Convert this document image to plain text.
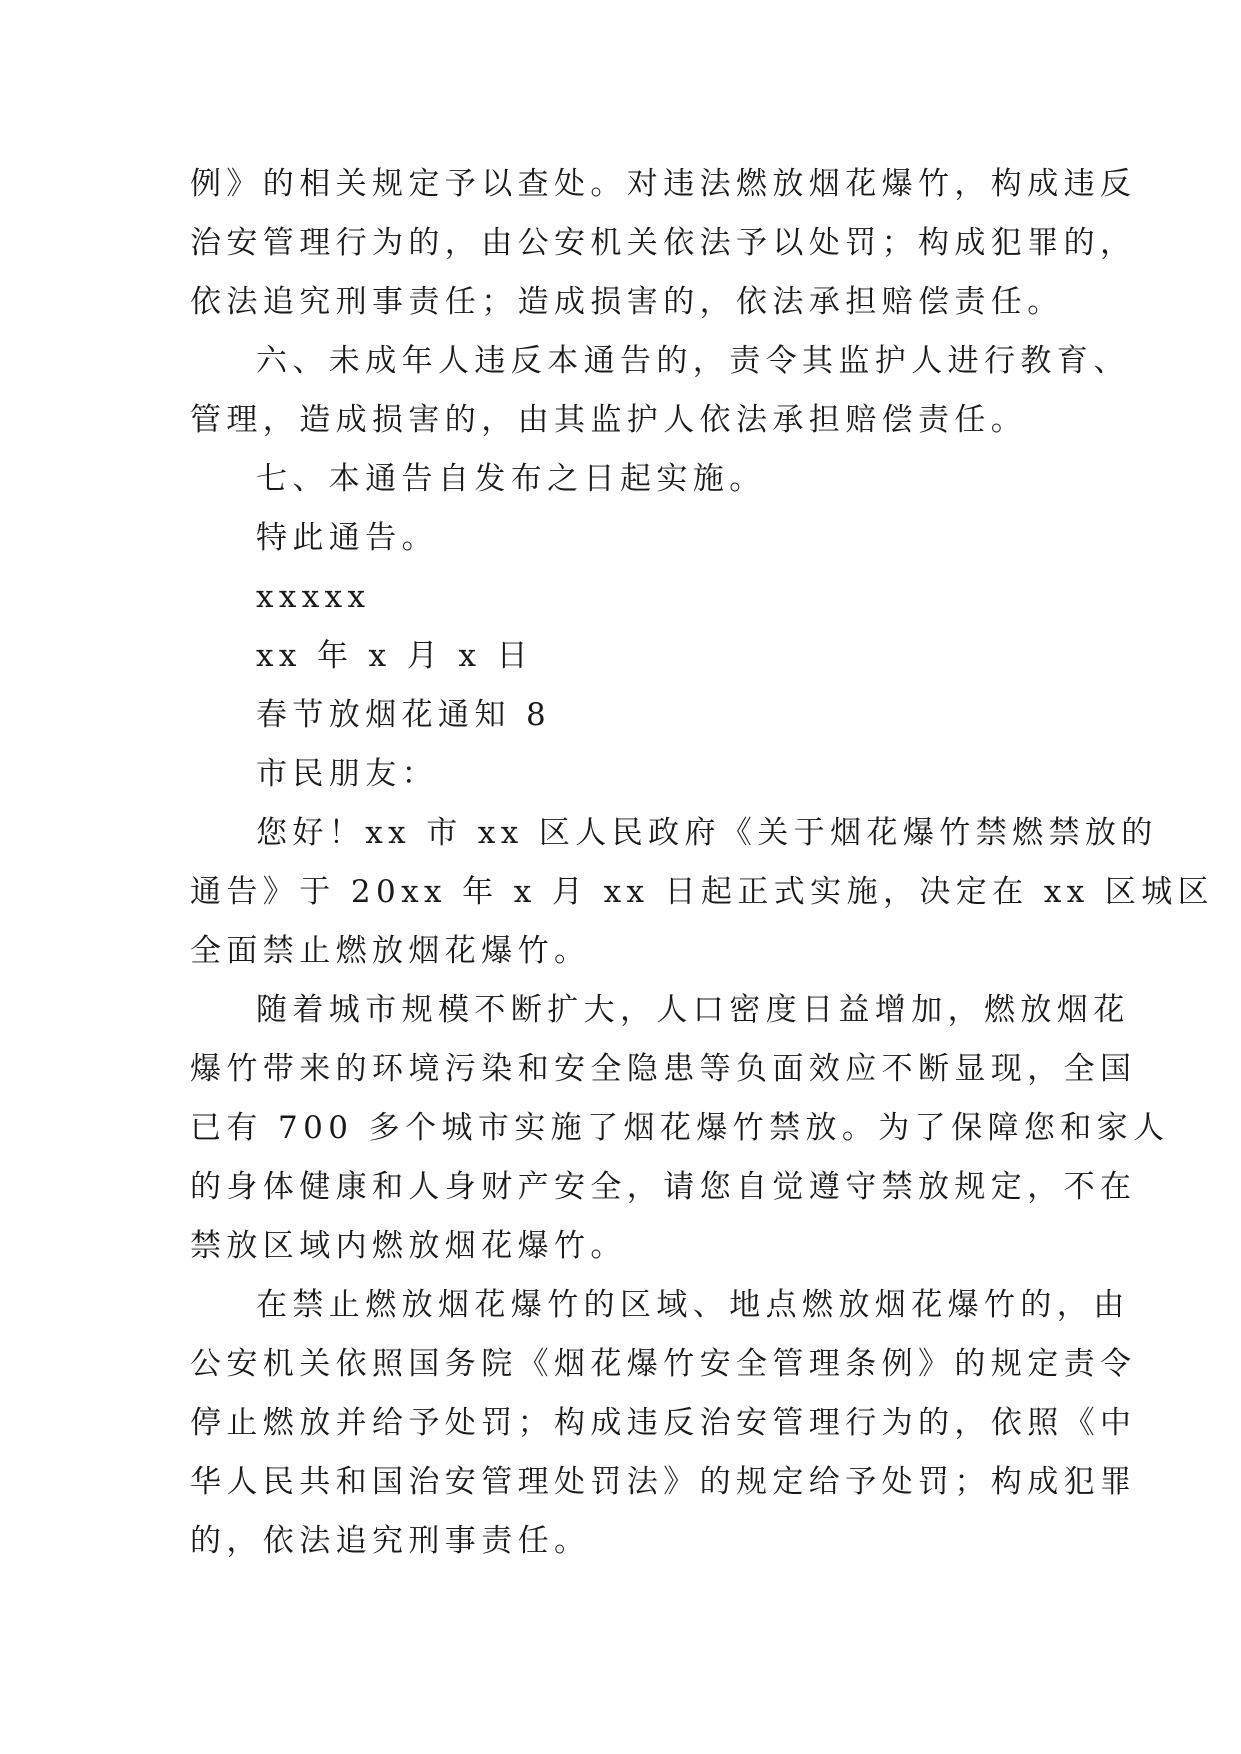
例》的相关规定予以查处。对违法燃放烟花爆竹，构成违反
治安管理行为的，由公安机关依法予以处罚；构成犯罪的，
依法追究刑事责任；造成损害的，依法承担赔偿责任。
六、未成年人违反本通告的，责令其监护人进行教育、
管理，造成损害的，由其监护人依法承担赔偿责任。
七、本通告自发布之日起实施。
特此通告。
xxxxx
xx 年 x 月 x 日
春节放烟花通知 8
市民朋友：
您好！xx 市 xx 区人民政府《关于烟花爆竹禁燃禁放的
通告》于 20xx 年 x 月 xx 日起正式实施，决定在 xx 区城区
全面禁止燃放烟花爆竹。
随着城市规模不断扩大，人口密度日益增加，燃放烟花
爆竹带来的环境污染和安全隐患等负面效应不断显现，全国
已有 700 多个城市实施了烟花爆竹禁放。为了保障您和家人
的身体健康和人身财产安全，请您自觉遵守禁放规定，不在
禁放区域内燃放烟花爆竹。
在禁止燃放烟花爆竹的区域、地点燃放烟花爆竹的，由
公安机关依照国务院《烟花爆竹安全管理条例》的规定责令
停止燃放并给予处罚；构成违反治安管理行为的，依照《中
华人民共和国治安管理处罚法》的规定给予处罚；构成犯罪
的，依法追究刑事责任。
